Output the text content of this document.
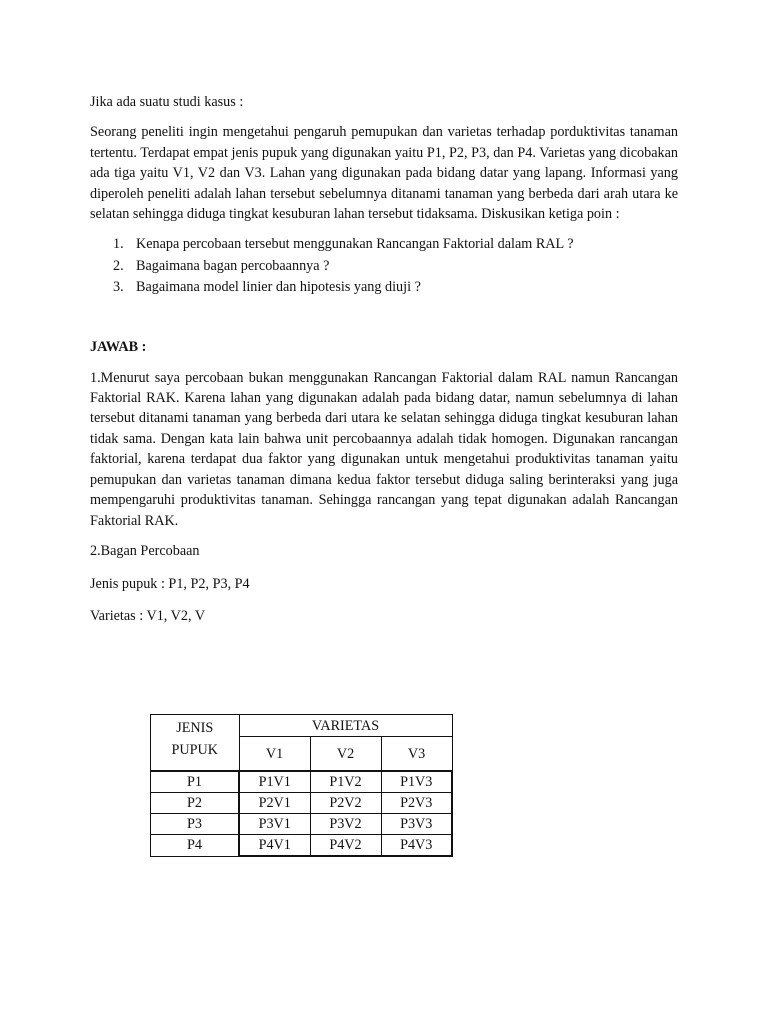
Jika ada suatu studi kasus :

Seorang peneliti ingin mengetahui pengaruh pemupukan dan varietas terhadap porduktivitas tanaman tertentu. Terdapat empat jenis pupuk yang digunakan yaitu P1, P2, P3, dan P4. Varietas yang dicobakan ada tiga yaitu V1, V2 dan V3. Lahan yang digunakan pada bidang datar yang lapang. Informasi yang diperoleh peneliti adalah lahan tersebut sebelumnya ditanami tanaman yang berbeda dari arah utara ke selatan sehingga diduga tingkat kesuburan lahan tersebut tidaksama. Diskusikan ketiga poin :

1. Kenapa percobaan tersebut menggunakan Rancangan Faktorial dalam RAL ?
2. Bagaimana bagan percobaannya ?
3. Bagaimana model linier dan hipotesis yang diuji ?

JAWAB :

1.Menurut saya percobaan bukan menggunakan Rancangan Faktorial dalam RAL namun Rancangan Faktorial RAK. Karena lahan yang digunakan adalah pada bidang datar, namun sebelumnya di lahan tersebut ditanami tanaman yang berbeda dari utara ke selatan sehingga diduga tingkat kesuburan lahan tidak sama. Dengan kata lain bahwa unit percobaannya adalah tidak homogen. Digunakan rancangan faktorial, karena terdapat dua faktor yang digunakan untuk mengetahui produktivitas tanaman yaitu pemupukan dan varietas tanaman dimana kedua faktor tersebut diduga saling berinteraksi yang juga mempengaruhi produktivitas tanaman. Sehingga rancangan yang tepat digunakan adalah Rancangan Faktorial RAK.

2.Bagan Percobaan

Jenis pupuk : P1, P2, P3, P4

Varietas : V1, V2, V

JENIS
PUPUK	VARIETAS		
	V1	V2	V3
P1	P1V1	P1V2	P1V3
P2	P2V1	P2V2	P2V3
P3	P3V1	P3V2	P3V3
P4	P4V1	P4V2	P4V3
